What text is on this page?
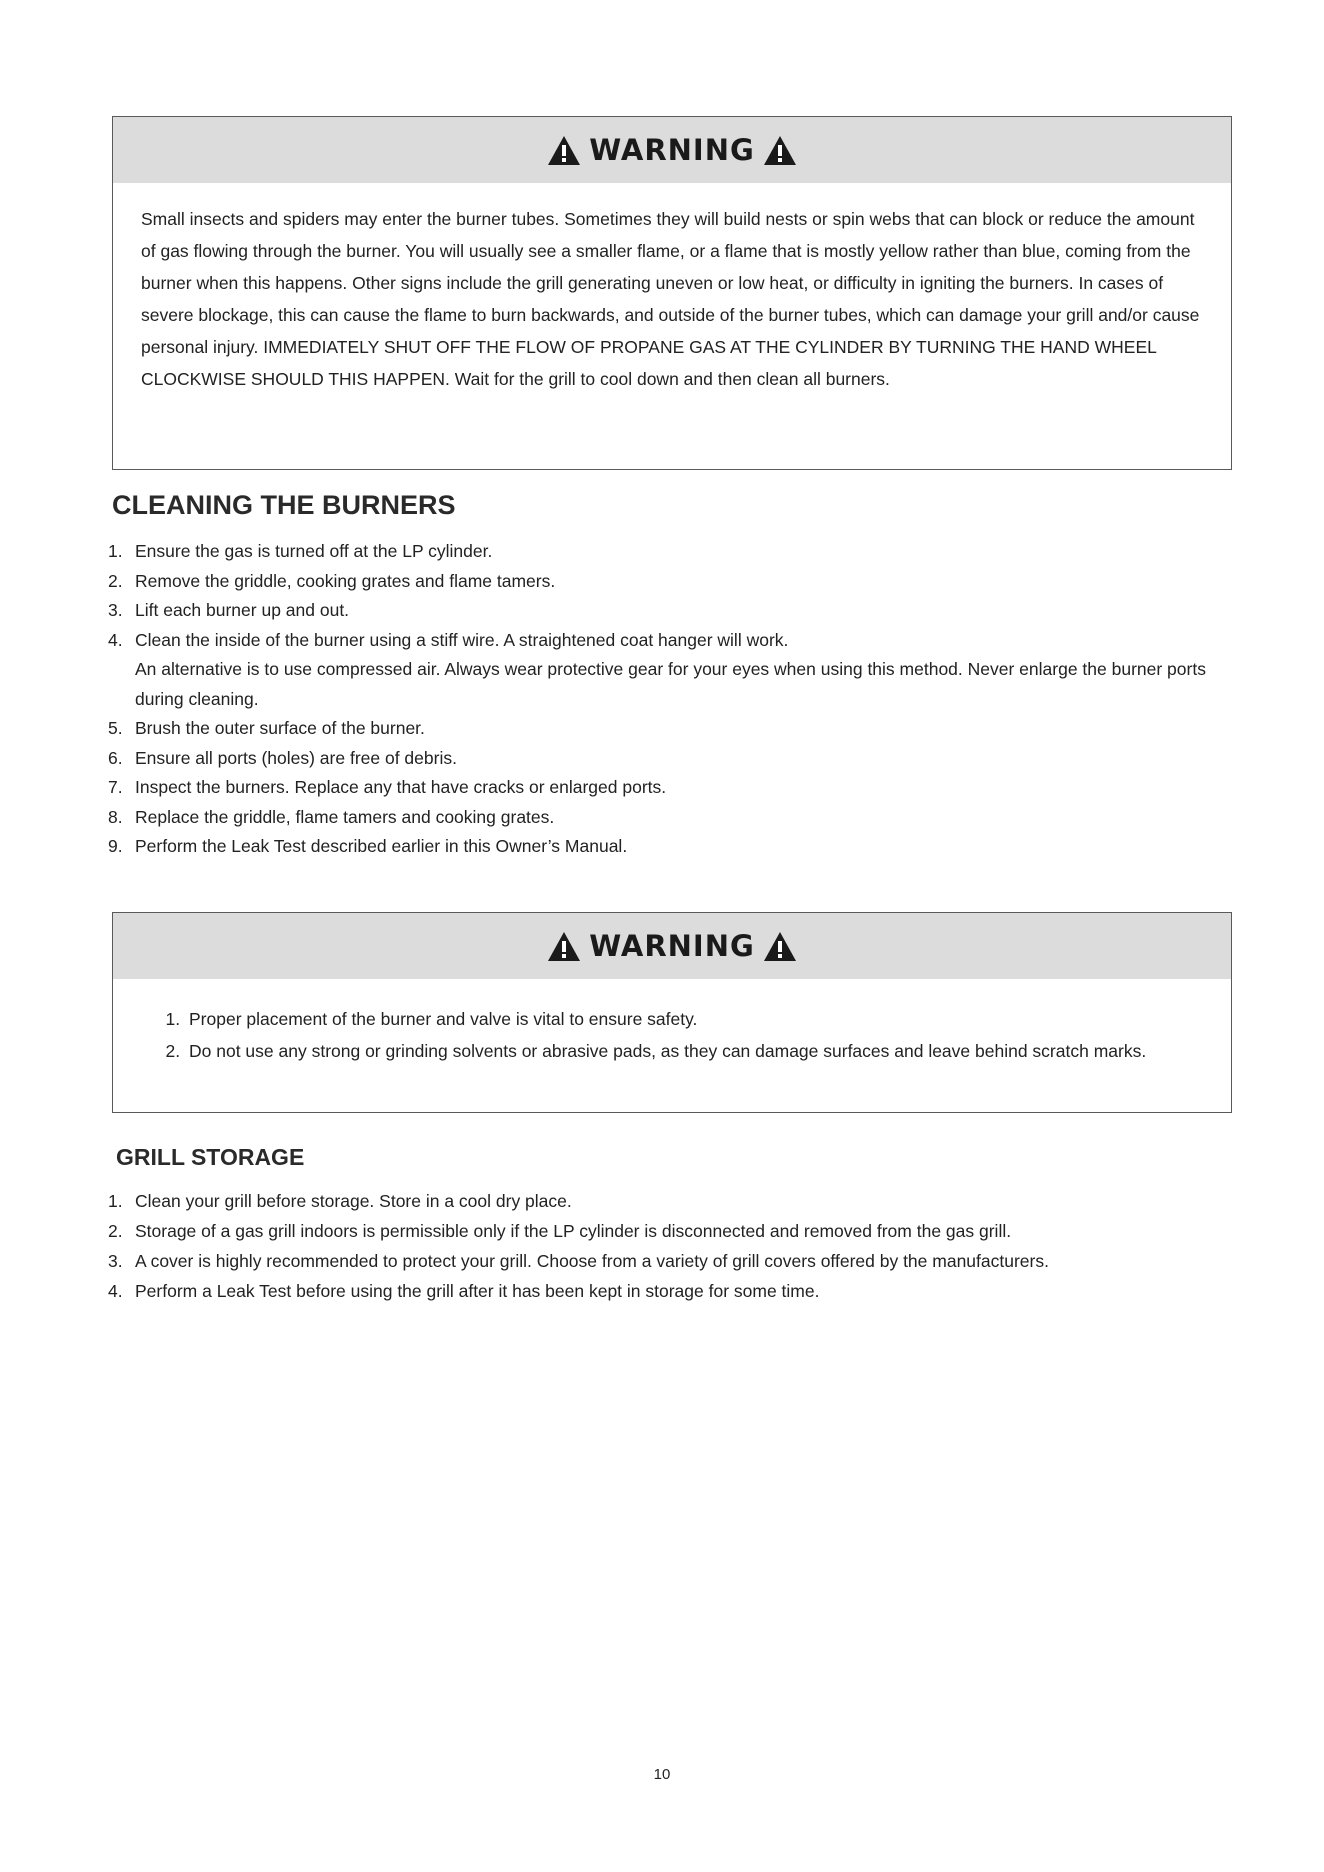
WARNING

Small insects and spiders may enter the burner tubes. Sometimes they will build nests or spin webs that can block or reduce the amount of gas flowing through the burner. You will usually see a smaller flame, or a flame that is mostly yellow rather than blue, coming from the burner when this happens. Other signs include the grill generating uneven or low heat, or difficulty in igniting the burners. In cases of severe blockage, this can cause the flame to burn backwards, and outside of the burner tubes, which can damage your grill and/or cause personal injury. IMMEDIATELY SHUT OFF THE FLOW OF PROPANE GAS AT THE CYLINDER BY TURNING THE HAND WHEEL CLOCKWISE SHOULD THIS HAPPEN. Wait for the grill to cool down and then clean all burners.

CLEANING THE BURNERS
1. Ensure the gas is turned off at the LP cylinder.
2. Remove the griddle, cooking grates and flame tamers.
3. Lift each burner up and out.
4. Clean the inside of the burner using a stiff wire. A straightened coat hanger will work.
An alternative is to use compressed air. Always wear protective gear for your eyes when using this method. Never enlarge the burner ports during cleaning.
5. Brush the outer surface of the burner.
6. Ensure all ports (holes) are free of debris.
7. Inspect the burners. Replace any that have cracks or enlarged ports.
8. Replace the griddle, flame tamers and cooking grates.
9. Perform the Leak Test described earlier in this Owner’s Manual.
WARNING
1. Proper placement of the burner and valve is vital to ensure safety.
2. Do not use any strong or grinding solvents or abrasive pads, as they can damage surfaces and leave behind scratch marks.
GRILL STORAGE
1. Clean your grill before storage. Store in a cool dry place.
2. Storage of a gas grill indoors is permissible only if the LP cylinder is disconnected and removed from the gas grill.
3. A cover is highly recommended to protect your grill. Choose from a variety of grill covers offered by the manufacturers.
4. Perform a Leak Test before using the grill after it has been kept in storage for some time.
10
